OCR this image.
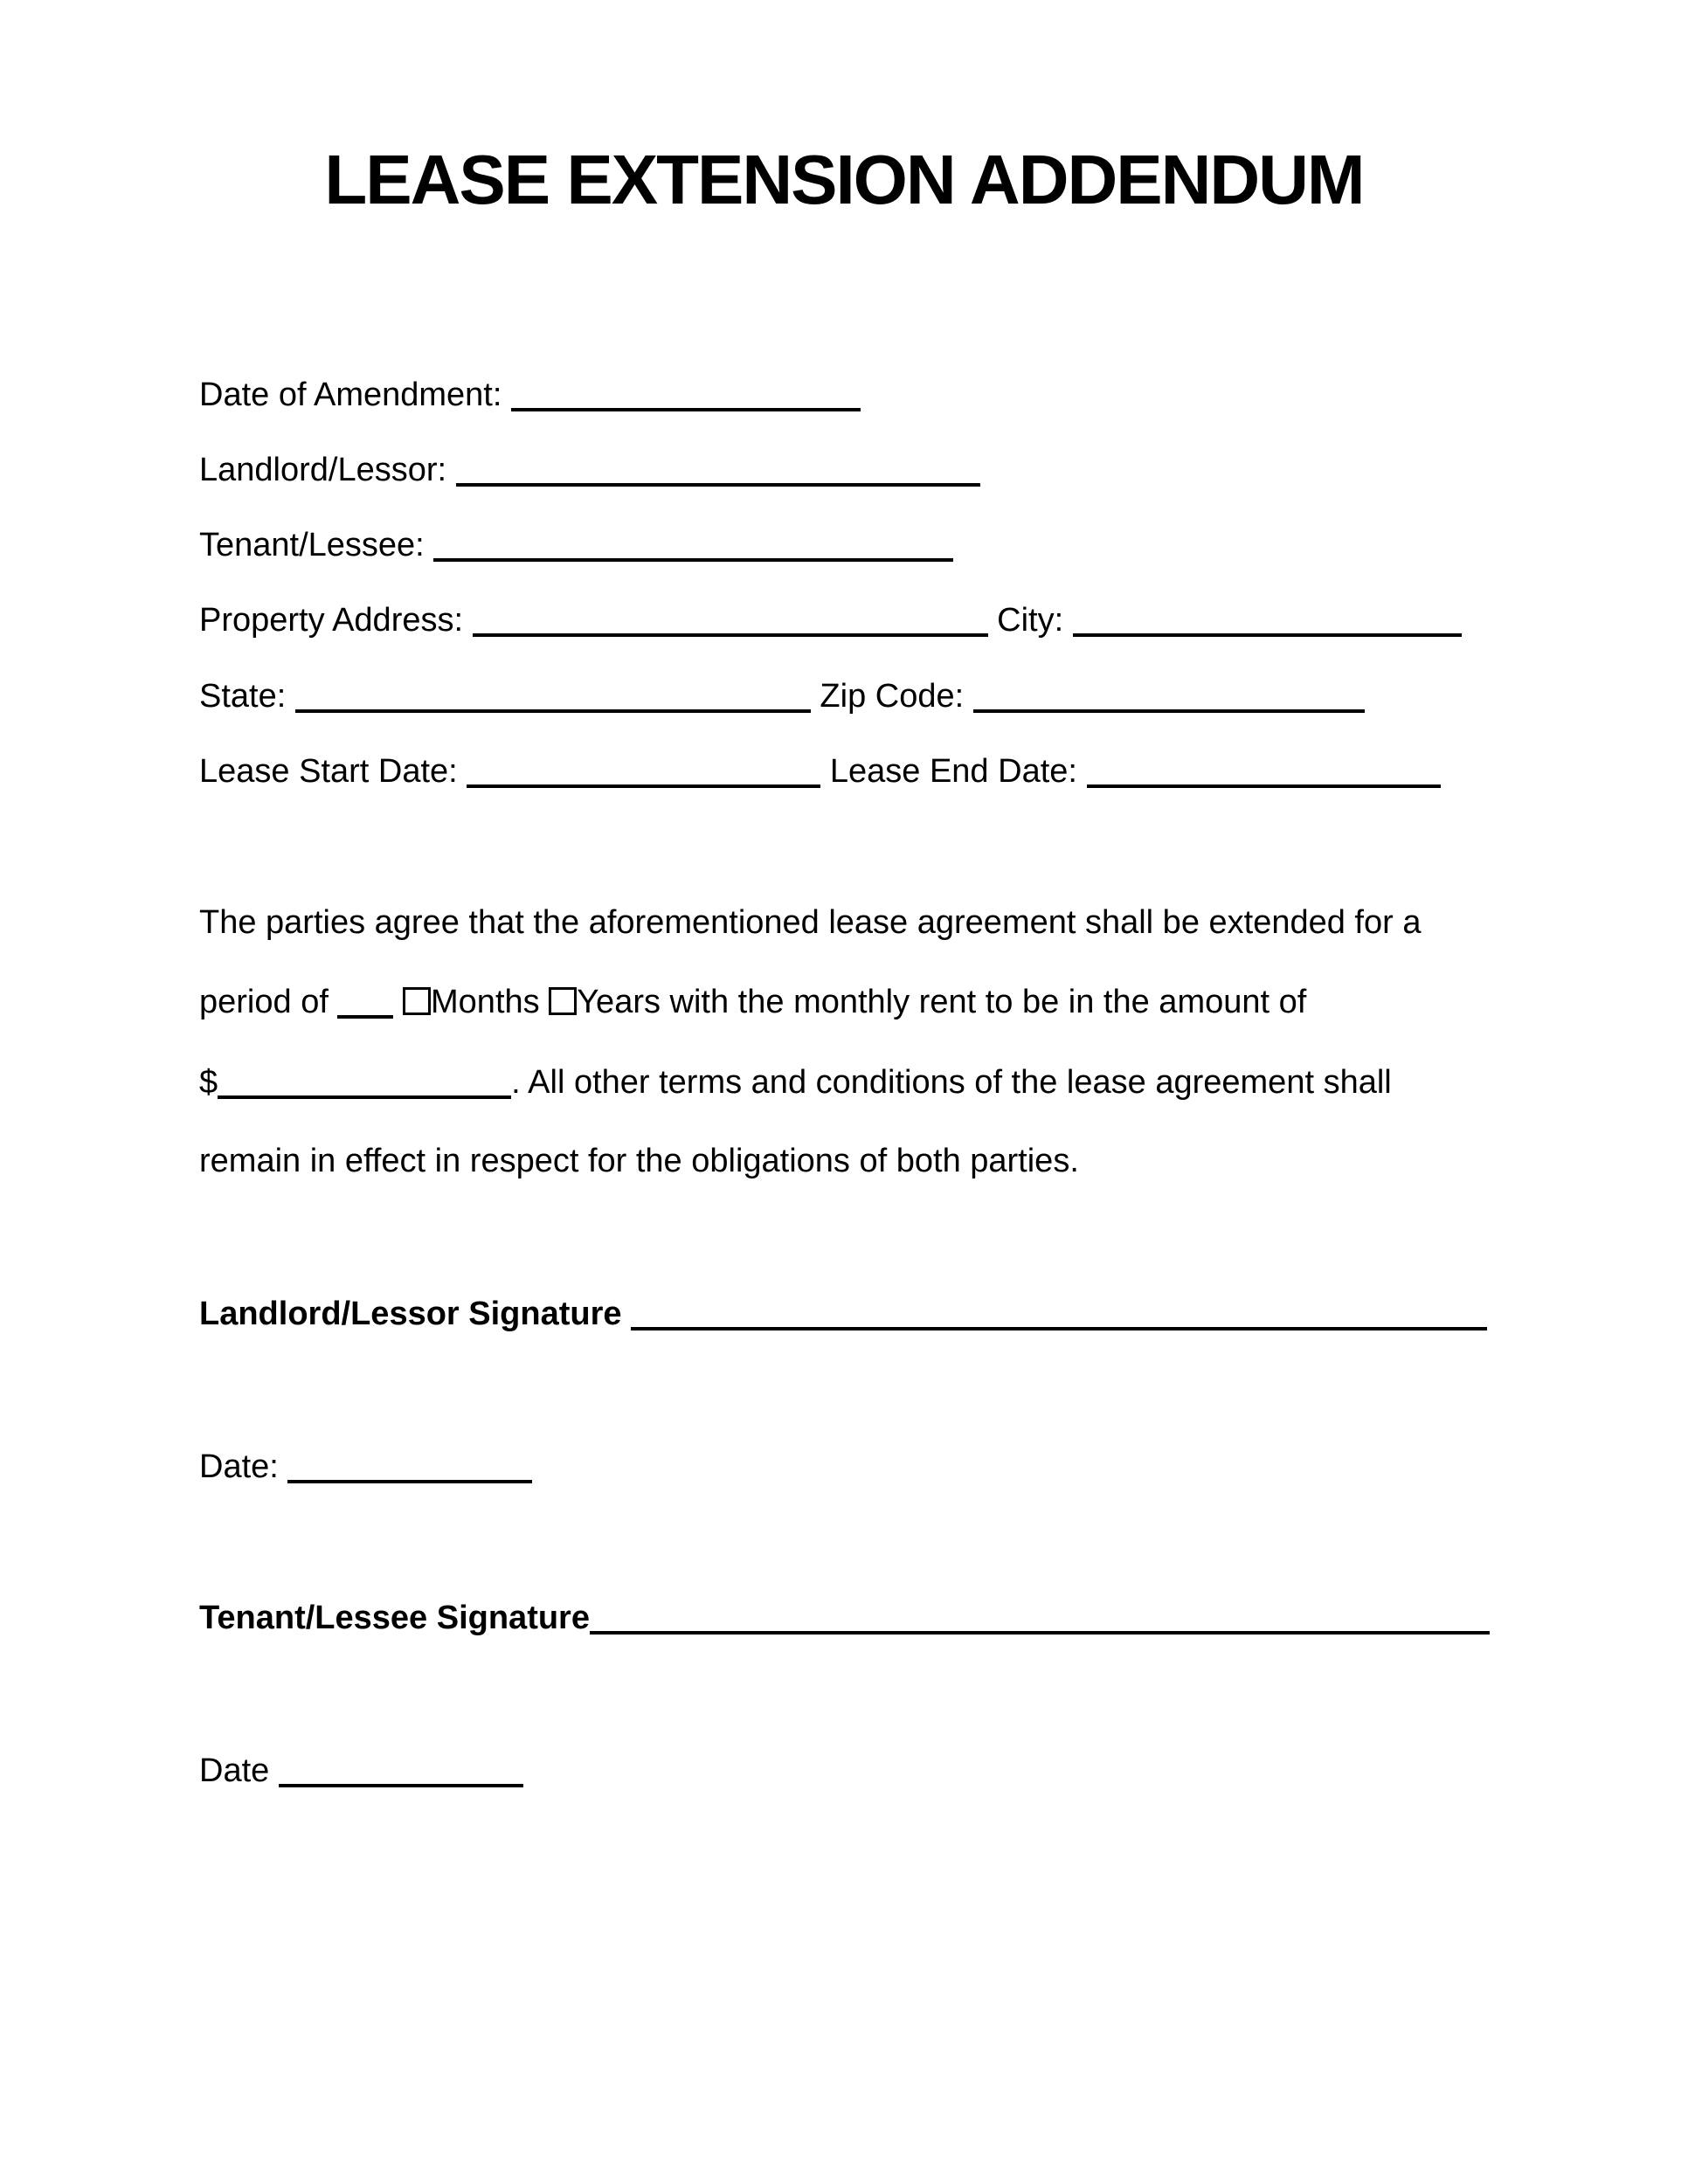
LEASE EXTENSION ADDENDUM
Date of Amendment:
Landlord/Lessor:
Tenant/Lessee:
Property Address:	City:
State:	Zip Code:
Lease Start Date:	Lease End Date:
The parties agree that the aforementioned lease agreement shall be extended for a
period of	Months Years with the monthly rent to be in the amount of
$	. All other terms and conditions of the lease agreement shall
remain in effect in respect for the obligations of both parties.
Landlord/Lessor Signature
Date:
Tenant/Lessee Signature
Date
